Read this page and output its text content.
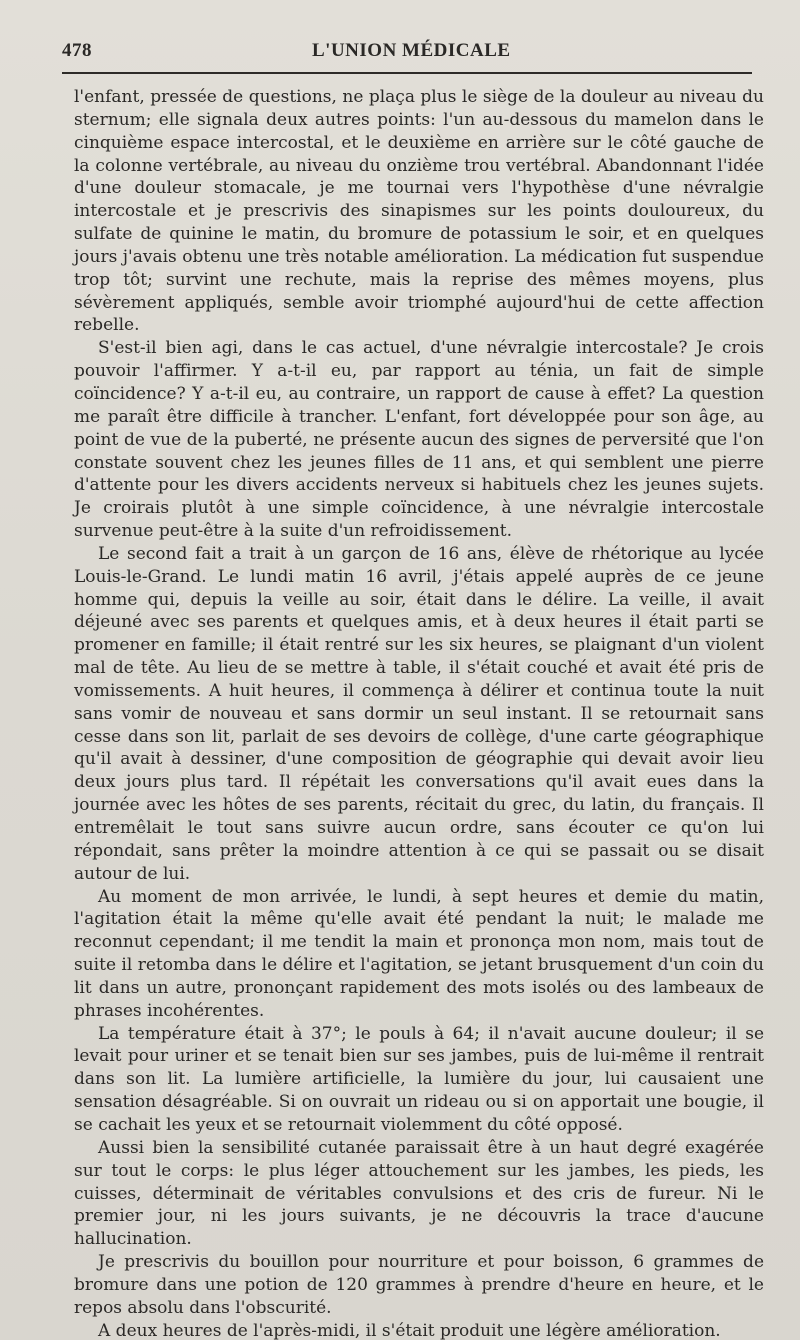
478	L'UNION MÉDICALE

l'enfant, pressée de questions, ne plaça plus le siège de la douleur au niveau du sternum; elle signala deux autres points: l'un au-dessous du mamelon dans le cinquième espace intercostal, et le deuxième en arrière sur le côté gauche de la colonne vertébrale, au niveau du onzième trou vertébral. Abandonnant l'idée d'une douleur stomacale, je me tournai vers l'hypothèse d'une névralgie intercostale et je prescrivis des sinapismes sur les points douloureux, du sulfate de quinine le matin, du bromure de potassium le soir, et en quelques jours j'avais obtenu une très notable amélioration. La médication fut suspendue trop tôt; survint une rechute, mais la reprise des mêmes moyens, plus sévèrement appliqués, semble avoir triomphé aujourd'hui de cette affection rebelle.

S'est-il bien agi, dans le cas actuel, d'une névralgie intercostale? Je crois pouvoir l'affirmer. Y a-t-il eu, par rapport au ténia, un fait de simple coïncidence? Y a-t-il eu, au contraire, un rapport de cause à effet? La question me paraît être difficile à trancher. L'enfant, fort développée pour son âge, au point de vue de la puberté, ne présente aucun des signes de perversité que l'on constate souvent chez les jeunes filles de 11 ans, et qui semblent une pierre d'attente pour les divers accidents nerveux si habituels chez les jeunes sujets. Je croirais plutôt à une simple coïncidence, à une névralgie intercostale survenue peut-être à la suite d'un refroidissement.

Le second fait a trait à un garçon de 16 ans, élève de rhétorique au lycée Louis-le-Grand. Le lundi matin 16 avril, j'étais appelé auprès de ce jeune homme qui, depuis la veille au soir, était dans le délire. La veille, il avait déjeuné avec ses parents et quelques amis, et à deux heures il était parti se promener en famille; il était rentré sur les six heures, se plaignant d'un violent mal de tête. Au lieu de se mettre à table, il s'était couché et avait été pris de vomissements. A huit heures, il commença à délirer et continua toute la nuit sans vomir de nouveau et sans dormir un seul instant. Il se retournait sans cesse dans son lit, parlait de ses devoirs de collège, d'une carte géographique qu'il avait à dessiner, d'une composition de géographie qui devait avoir lieu deux jours plus tard. Il répétait les conversations qu'il avait eues dans la journée avec les hôtes de ses parents, récitait du grec, du latin, du français. Il entremêlait le tout sans suivre aucun ordre, sans écouter ce qu'on lui répondait, sans prêter la moindre attention à ce qui se passait ou se disait autour de lui.

Au moment de mon arrivée, le lundi, à sept heures et demie du matin, l'agitation était la même qu'elle avait été pendant la nuit; le malade me reconnut cependant; il me tendit la main et prononça mon nom, mais tout de suite il retomba dans le délire et l'agitation, se jetant brusquement d'un coin du lit dans un autre, prononçant rapidement des mots isolés ou des lambeaux de phrases incohérentes.

La température était à 37°; le pouls à 64; il n'avait aucune douleur; il se levait pour uriner et se tenait bien sur ses jambes, puis de lui-même il rentrait dans son lit. La lumière artificielle, la lumière du jour, lui causaient une sensation désagréable. Si on ouvrait un rideau ou si on apportait une bougie, il se cachait les yeux et se retournait violemment du côté opposé.

Aussi bien la sensibilité cutanée paraissait être à un haut degré exagérée sur tout le corps: le plus léger attouchement sur les jambes, les pieds, les cuisses, déterminait de véritables convulsions et des cris de fureur. Ni le premier jour, ni les jours suivants, je ne découvris la trace d'aucune hallucination.

Je prescrivis du bouillon pour nourriture et pour boisson, 6 grammes de bromure dans une potion de 120 grammes à prendre d'heure en heure, et le repos absolu dans l'obscurité.

A deux heures de l'après-midi, il s'était produit une légère amélioration.
